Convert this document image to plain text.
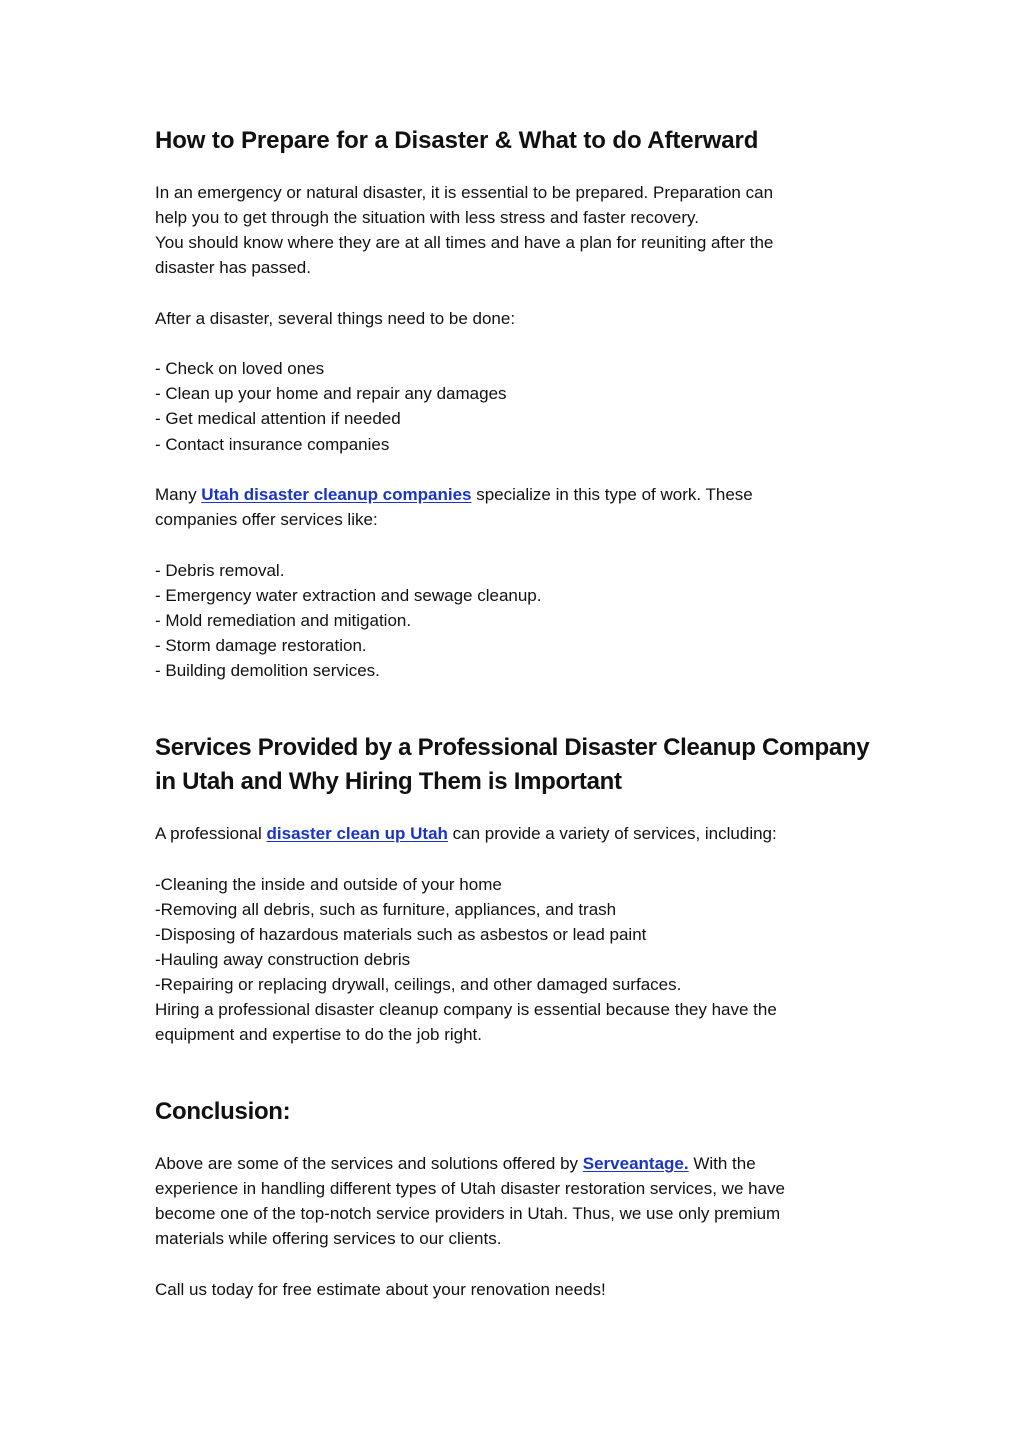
How to Prepare for a Disaster & What to do Afterward
In an emergency or natural disaster, it is essential to be prepared. Preparation can
help you to get through the situation with less stress and faster recovery.
You should know where they are at all times and have a plan for reuniting after the
disaster has passed.
After a disaster, several things need to be done:
- Check on loved ones
- Clean up your home and repair any damages
- Get medical attention if needed
- Contact insurance companies
Many Utah disaster cleanup companies specialize in this type of work. These
companies offer services like:
- Debris removal.
- Emergency water extraction and sewage cleanup.
- Mold remediation and mitigation.
- Storm damage restoration.
- Building demolition services.
Services Provided by a Professional Disaster Cleanup Company
in Utah and Why Hiring Them is Important
A professional disaster clean up Utah can provide a variety of services, including:
-Cleaning the inside and outside of your home
-Removing all debris, such as furniture, appliances, and trash
-Disposing of hazardous materials such as asbestos or lead paint
-Hauling away construction debris
-Repairing or replacing drywall, ceilings, and other damaged surfaces.
Hiring a professional disaster cleanup company is essential because they have the
equipment and expertise to do the job right.
Conclusion:
Above are some of the services and solutions offered by Serveantage. With the
experience in handling different types of Utah disaster restoration services, we have
become one of the top-notch service providers in Utah. Thus, we use only premium
materials while offering services to our clients.
Call us today for free estimate about your renovation needs!
